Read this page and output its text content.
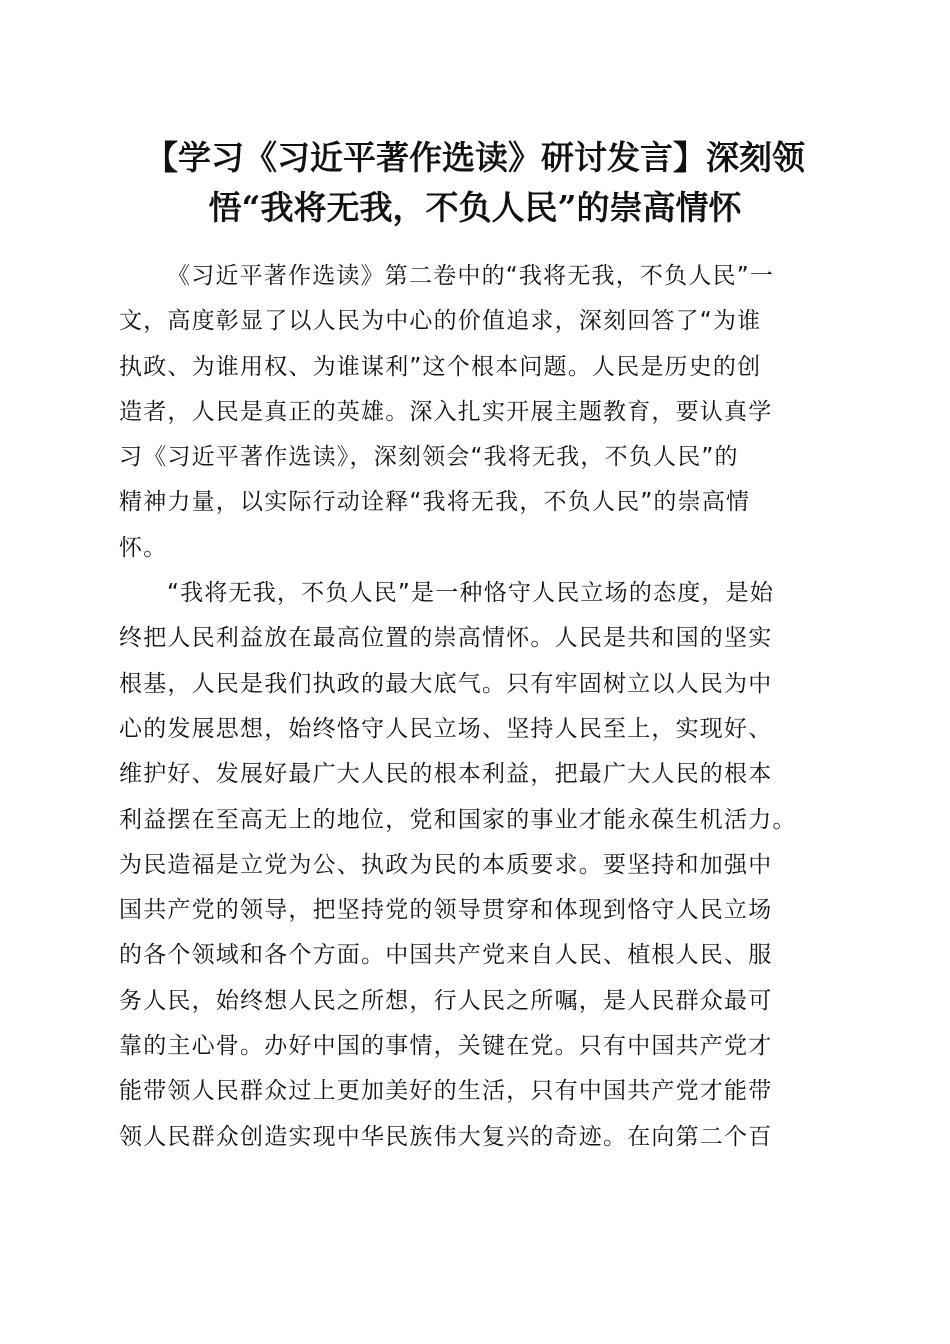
【学习《习近平著作选读》研讨发言】深刻领
悟“我将无我，不负人民”的崇高情怀
《习近平著作选读》第二卷中的“我将无我，不负人民”一
文，高度彰显了以人民为中心的价值追求，深刻回答了“为谁
执政、为谁用权、为谁谋利”这个根本问题。人民是历史的创
造者，人民是真正的英雄。深入扎实开展主题教育，要认真学
习《习近平著作选读》，深刻领会“我将无我，不负人民”的
精神力量，以实际行动诠释“我将无我，不负人民”的崇高情
怀。
“我将无我，不负人民”是一种恪守人民立场的态度，是始
终把人民利益放在最高位置的崇高情怀。人民是共和国的坚实
根基，人民是我们执政的最大底气。只有牢固树立以人民为中
心的发展思想，始终恪守人民立场、坚持人民至上，实现好、
维护好、发展好最广大人民的根本利益，把最广大人民的根本
利益摆在至高无上的地位，党和国家的事业才能永葆生机活力。
为民造福是立党为公、执政为民的本质要求。要坚持和加强中
国共产党的领导，把坚持党的领导贯穿和体现到恪守人民立场
的各个领域和各个方面。中国共产党来自人民、植根人民、服
务人民，始终想人民之所想，行人民之所嘱，是人民群众最可
靠的主心骨。办好中国的事情，关键在党。只有中国共产党才
能带领人民群众过上更加美好的生活，只有中国共产党才能带
领人民群众创造实现中华民族伟大复兴的奇迹。在向第二个百
